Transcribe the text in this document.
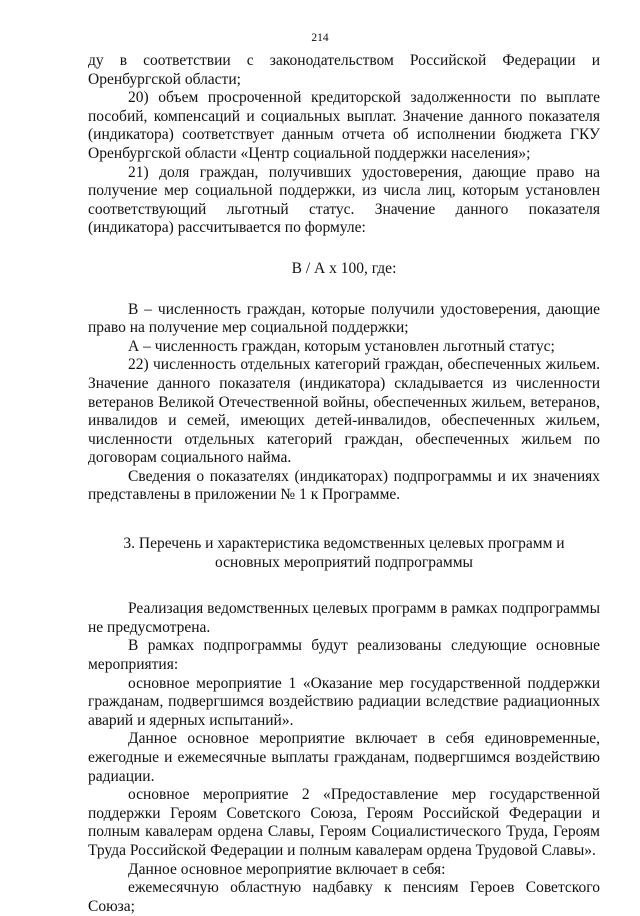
214

ду в соответствии с законодательством Российской Федерации и Оренбургской области;

20) объем просроченной кредиторской задолженности по выплате пособий, компенсаций и социальных выплат. Значение данного показателя (индикатора) соответствует данным отчета об исполнении бюджета ГКУ Оренбургской области «Центр социальной поддержки населения»;

21) доля граждан, получивших удостоверения, дающие право на получение мер социальной поддержки, из числа лиц, которым установлен соответствующий льготный статус. Значение данного показателя (индикатора) рассчитывается по формуле:

В / А х 100, где:

В – численность граждан, которые получили удостоверения, дающие право на получение мер социальной поддержки;

А – численность граждан, которым установлен льготный статус;

22) численность отдельных категорий граждан, обеспеченных жильем. Значение данного показателя (индикатора) складывается из численности ветеранов Великой Отечественной войны, обеспеченных жильем, ветеранов, инвалидов и семей, имеющих детей-инвалидов, обеспеченных жильем, численности отдельных категорий граждан, обеспеченных жильем по договорам социального найма.

Сведения о показателях (индикаторах) подпрограммы и их значениях представлены в приложении № 1 к Программе.

3. Перечень и характеристика ведомственных целевых программ и
основных мероприятий подпрограммы

Реализация ведомственных целевых программ в рамках подпрограммы не предусмотрена.

В рамках подпрограммы будут реализованы следующие основные мероприятия:

основное мероприятие 1 «Оказание мер государственной поддержки гражданам, подвергшимся воздействию радиации вследствие радиационных аварий и ядерных испытаний».

Данное основное мероприятие включает в себя единовременные, ежегодные и ежемесячные выплаты гражданам, подвергшимся воздействию радиации.

основное мероприятие 2 «Предоставление мер государственной поддержки Героям Советского Союза, Героям Российской Федерации и полным кавалерам ордена Славы, Героям Социалистического Труда, Героям Труда Российской Федерации и полным кавалерам ордена Трудовой Славы».

Данное основное мероприятие включает в себя:

ежемесячную областную надбавку к пенсиям Героев Советского Союза;
